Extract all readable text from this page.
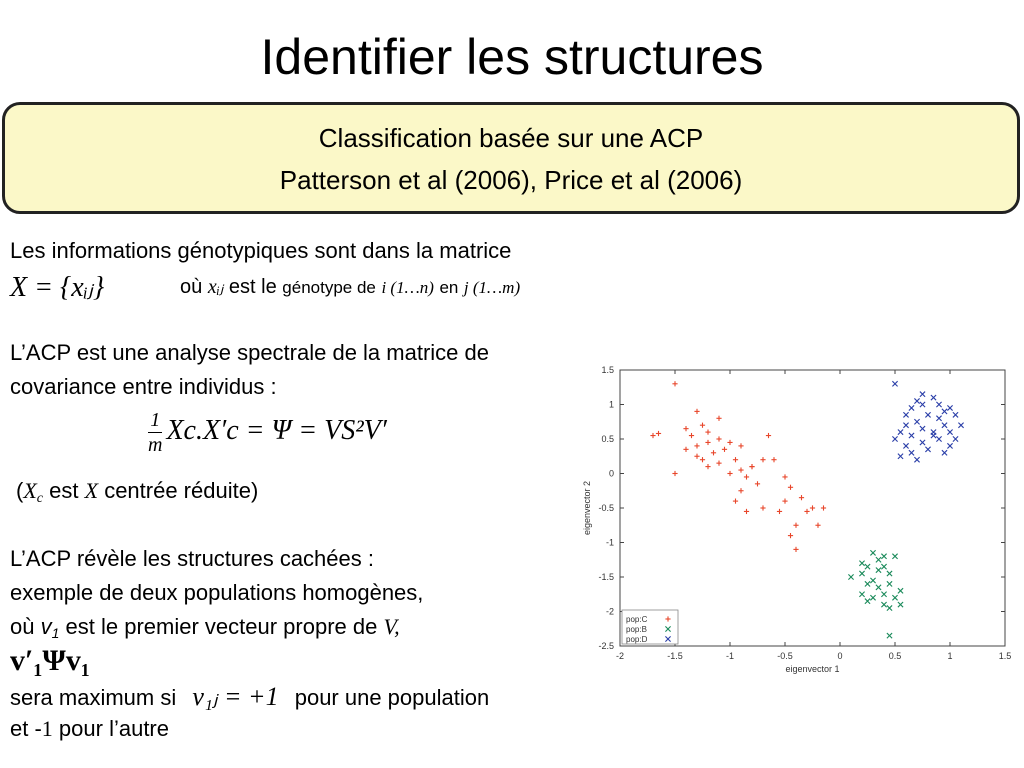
Identifier les structures
Classification basée sur une ACP
Patterson et al (2006), Price et al (2006)
Les informations génotypiques sont dans la matrice
X = {xᵢⱼ}	où xᵢⱼ est le génotype de i (1…n) en j (1…m)
L’ACP est une analyse spectrale de la matrice de
covariance entre individus :
$\frac{1}{m} Xc.X'c = \Psi = VS^2V'$
($X_c$ est X centrée réduite)
L’ACP révèle les structures cachées :
exemple de deux populations homogènes,
où $v_1$ est le premier vecteur propre de V,
v′₁Ψv₁
sera maximum si v₁ⱼ = +1 pour une population
et -1 pour l’autre
-2	-1.5	-1	-0.5	0	0.5	1	1.5
-2.5
-2
-1.5
-1
-0.5
0
0.5
1
1.5
eigenvector 1
eigenvector 2
pop:C
pop:B
pop:D
